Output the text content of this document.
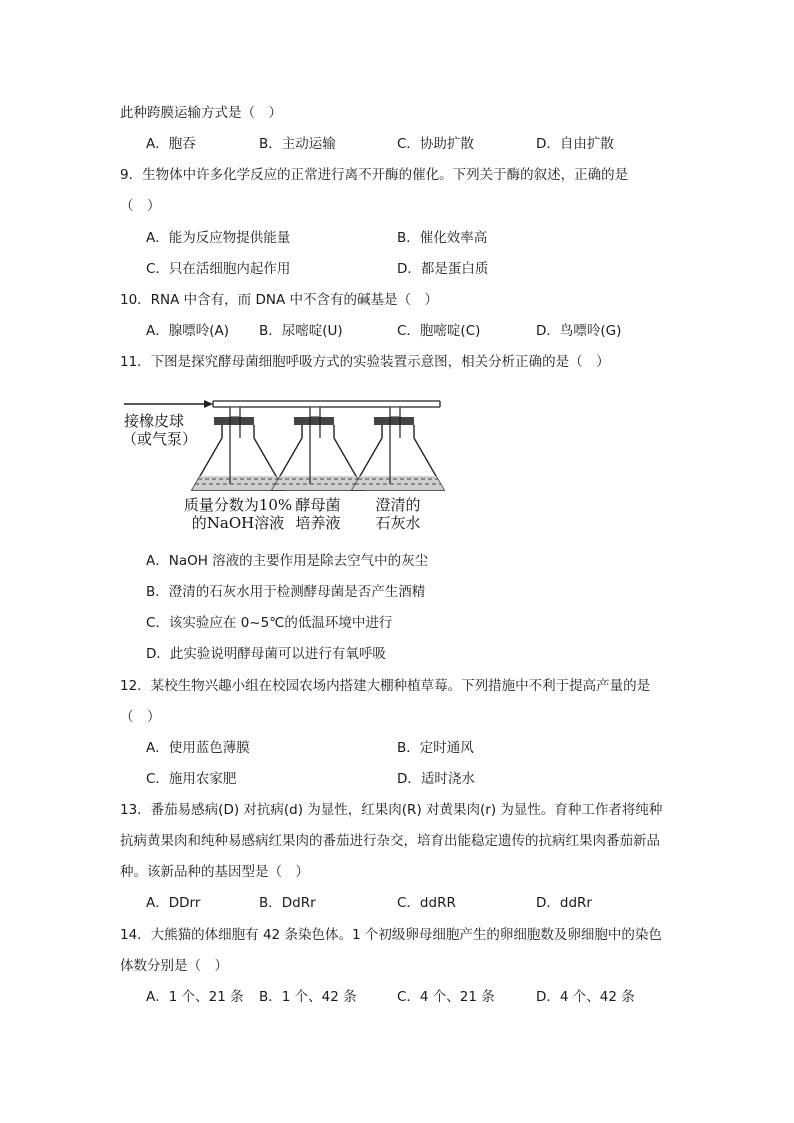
此种跨膜运输方式是（　）
A．胞吞	B．主动运输	C．协助扩散	D．自由扩散
9．生物体中许多化学反应的正常进行离不开酶的催化。下列关于酶的叙述，正确的是
（　）
A．能为反应物提供能量	B．催化效率高
C．只在活细胞内起作用	D．都是蛋白质
10．RNA 中含有，而 DNA 中不含有的碱基是（　）
A．腺嘌呤(A) B．尿嘧啶(U)	C．胞嘧啶(C)	D．鸟嘌呤(G)
11．下图是探究酵母菌细胞呼吸方式的实验装置示意图，相关分析正确的是（　）
接橡皮球
（或气泵）
质量分数为10%
的NaOH溶液
酵母菌
培养液
澄清的
石灰水
A．NaOH 溶液的主要作用是除去空气中的灰尘
B．澄清的石灰水用于检测酵母菌是否产生酒精
C．该实验应在 0~5℃的低温环境中进行
D．此实验说明酵母菌可以进行有氧呼吸
12．某校生物兴趣小组在校园农场内搭建大棚种植草莓。下列措施中不利于提高产量的是
（　）
A．使用蓝色薄膜	B．定时通风
C．施用农家肥	D．适时浇水
13．番茄易感病(D) 对抗病(d) 为显性，红果肉(R) 对黄果肉(r) 为显性。育种工作者将纯种
抗病黄果肉和纯种易感病红果肉的番茄进行杂交，培育出能稳定遗传的抗病红果肉番茄新品
种。该新品种的基因型是（　）
A．DDrr	B．DdRr	C．ddRR	D．ddRr
14．大熊猫的体细胞有 42 条染色体。1 个初级卵母细胞产生的卵细胞数及卵细胞中的染色
体数分别是（　）
A．1 个、21 条 B．1 个、42 条	C．4 个、21 条	D．4 个、42 条
